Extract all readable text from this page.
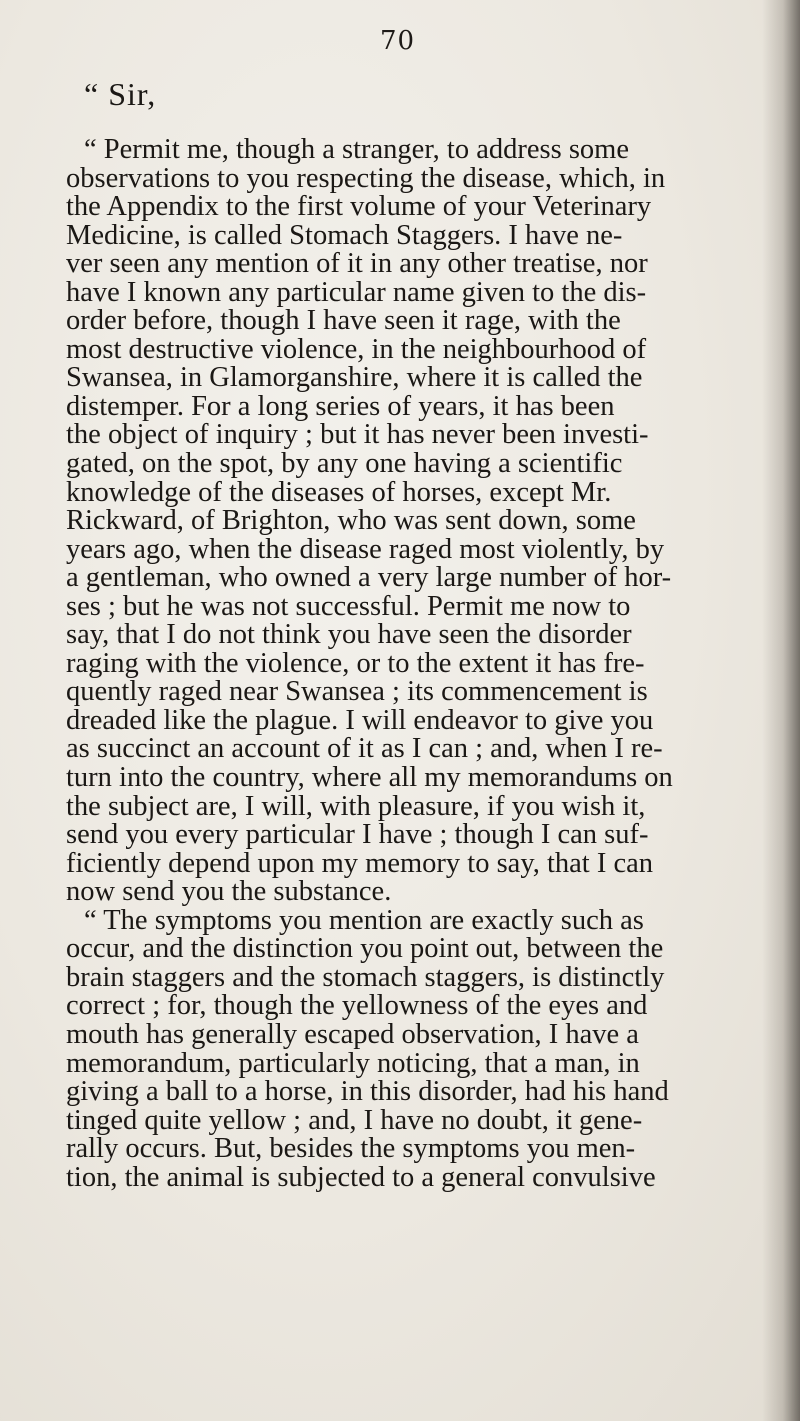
70
“ Sir,
“ Permit me, though a stranger, to address some
observations to you respecting the disease, which, in
the Appendix to the first volume of your Veterinary
Medicine, is called Stomach Staggers. I have ne-
ver seen any mention of it in any other treatise, nor
have I known any particular name given to the dis-
order before, though I have seen it rage, with the
most destructive violence, in the neighbourhood of
Swansea, in Glamorganshire, where it is called the
distemper. For a long series of years, it has been
the object of inquiry ; but it has never been investi-
gated, on the spot, by any one having a scientific
knowledge of the diseases of horses, except Mr.
Rickward, of Brighton, who was sent down, some
years ago, when the disease raged most violently, by
a gentleman, who owned a very large number of hor-
ses ; but he was not successful. Permit me now to
say, that I do not think you have seen the disorder
raging with the violence, or to the extent it has fre-
quently raged near Swansea ; its commencement is
dreaded like the plague. I will endeavor to give you
as succinct an account of it as I can ; and, when I re-
turn into the country, where all my memorandums on
the subject are, I will, with pleasure, if you wish it,
send you every particular I have ; though I can suf-
ficiently depend upon my memory to say, that I can
now send you the substance.
“ The symptoms you mention are exactly such as
occur, and the distinction you point out, between the
brain staggers and the stomach staggers, is distinctly
correct ; for, though the yellowness of the eyes and
mouth has generally escaped observation, I have a
memorandum, particularly noticing, that a man, in
giving a ball to a horse, in this disorder, had his hand
tinged quite yellow ; and, I have no doubt, it gene-
rally occurs. But, besides the symptoms you men-
tion, the animal is subjected to a general convulsive
